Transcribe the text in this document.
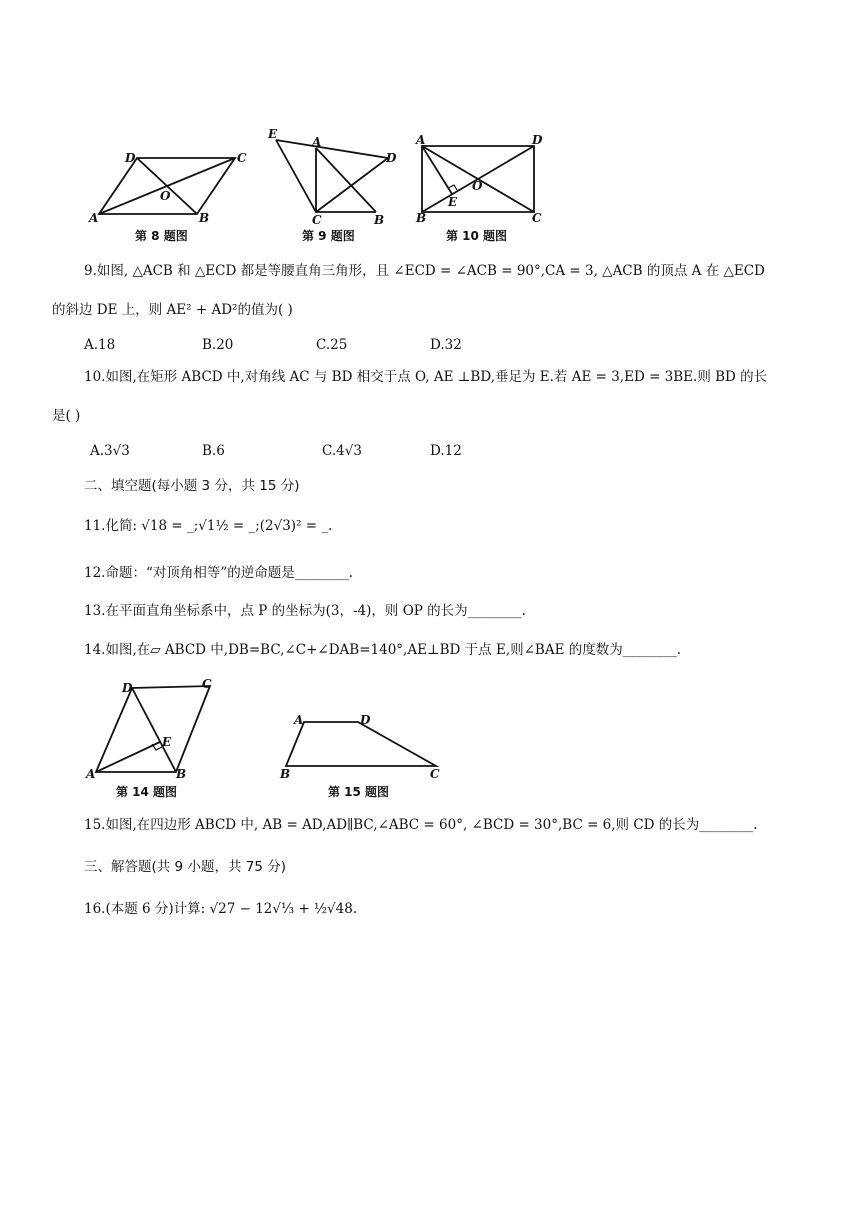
D	C
O
A	B
第 8 题图
E
A
D
C	B
第 9 题图
A	D
O
E
B	C
第 10 题图
9.如图, △ACB 和 △ECD 都是等腰直角三角形，且 ∠ECD = ∠ACB = 90°,CA = 3, △ACB 的顶点 A 在 △ECD
的斜边 DE 上，则 AE² + AD²的值为( )
A.18	B.20	C.25	D.32
10.如图,在矩形 ABCD 中,对角线 AC 与 BD 相交于点 O, AE ⊥BD,垂足为 E.若 AE = 3,ED = 3BE.则 BD 的长
是( )
A.3√3	B.6	C.4√3	D.12
二、填空题(每小题 3 分，共 15 分)
11.化简: √18 = _;√1½ = _;(2√3)² = _.
12.命题：“对顶角相等”的逆命题是________.
13.在平面直角坐标系中，点 P 的坐标为(3，-4)，则 OP 的长为________.
14.如图,在▱ ABCD 中,DB=BC,∠C+∠DAB=140°,AE⊥BD 于点 E,则∠BAE 的度数为________.
D	C
E
A	B
第 14 题图
A	D
B	C
第 15 题图
15.如图,在四边形 ABCD 中, AB = AD,AD∥BC,∠ABC = 60°, ∠BCD = 30°,BC = 6,则 CD 的长为________.
三、解答题(共 9 小题，共 75 分)
16.(本题 6 分)计算: √27 − 12√⅓ + ½√48.
